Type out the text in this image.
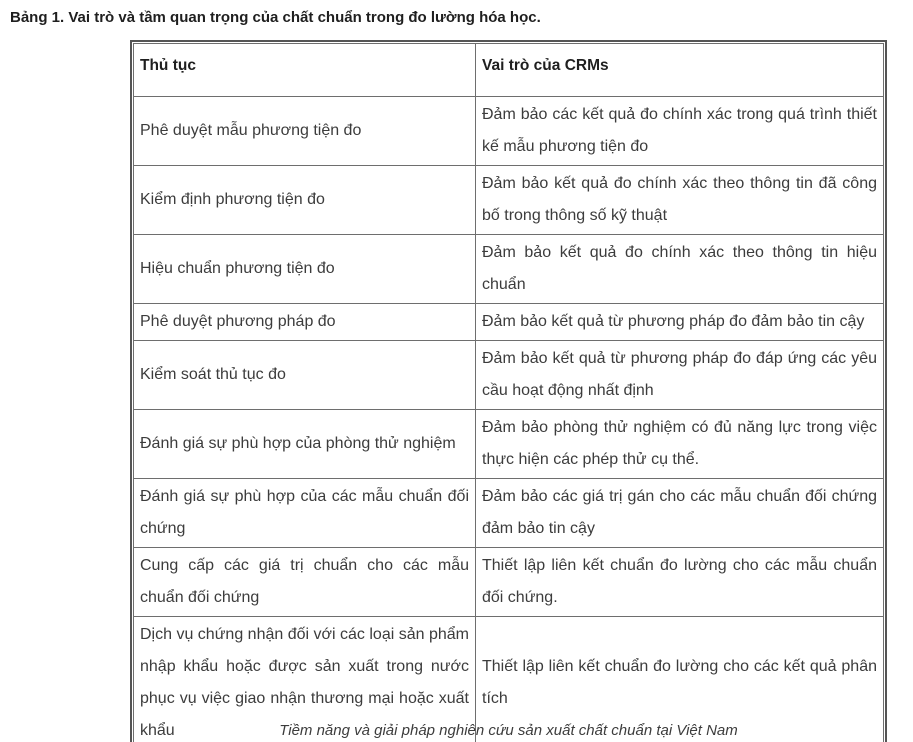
Bảng 1. Vai trò và tầm quan trọng của chất chuẩn trong đo lường hóa học.
Thủ tục	Vai trò của CRMs
Phê duyệt mẫu phương tiện đo	Đảm bảo các kết quả đo chính xác trong quá trình thiết kế mẫu phương tiện đo
Kiểm định phương tiện đo	Đảm bảo kết quả đo chính xác theo thông tin đã công bố trong thông số kỹ thuật
Hiệu chuẩn phương tiện đo	Đảm bảo kết quả đo chính xác theo thông tin hiệu chuẩn
Phê duyệt phương pháp đo	Đảm bảo kết quả từ phương pháp đo đảm bảo tin cậy
Kiểm soát thủ tục đo	Đảm bảo kết quả từ phương pháp đo đáp ứng các yêu cầu hoạt động nhất định
Đánh giá sự phù hợp của phòng thử nghiệm	Đảm bảo phòng thử nghiệm có đủ năng lực trong việc thực hiện các phép thử cụ thể.
Đánh giá sự phù hợp của các mẫu chuẩn đối chứng	Đảm bảo các giá trị gán cho các mẫu chuẩn đối chứng đảm bảo tin cậy
Cung cấp các giá trị chuẩn cho các mẫu chuẩn đối chứng	Thiết lập liên kết chuẩn đo lường cho các mẫu chuẩn đối chứng.
Dịch vụ chứng nhận đối với các loại sản phẩm nhập khẩu hoặc được sản xuất trong nước phục vụ việc giao nhận thương mại hoặc xuất khẩu	Thiết lập liên kết chuẩn đo lường cho các kết quả phân tích
Tiềm năng và giải pháp nghiên cứu sản xuất chất chuẩn tại Việt Nam
